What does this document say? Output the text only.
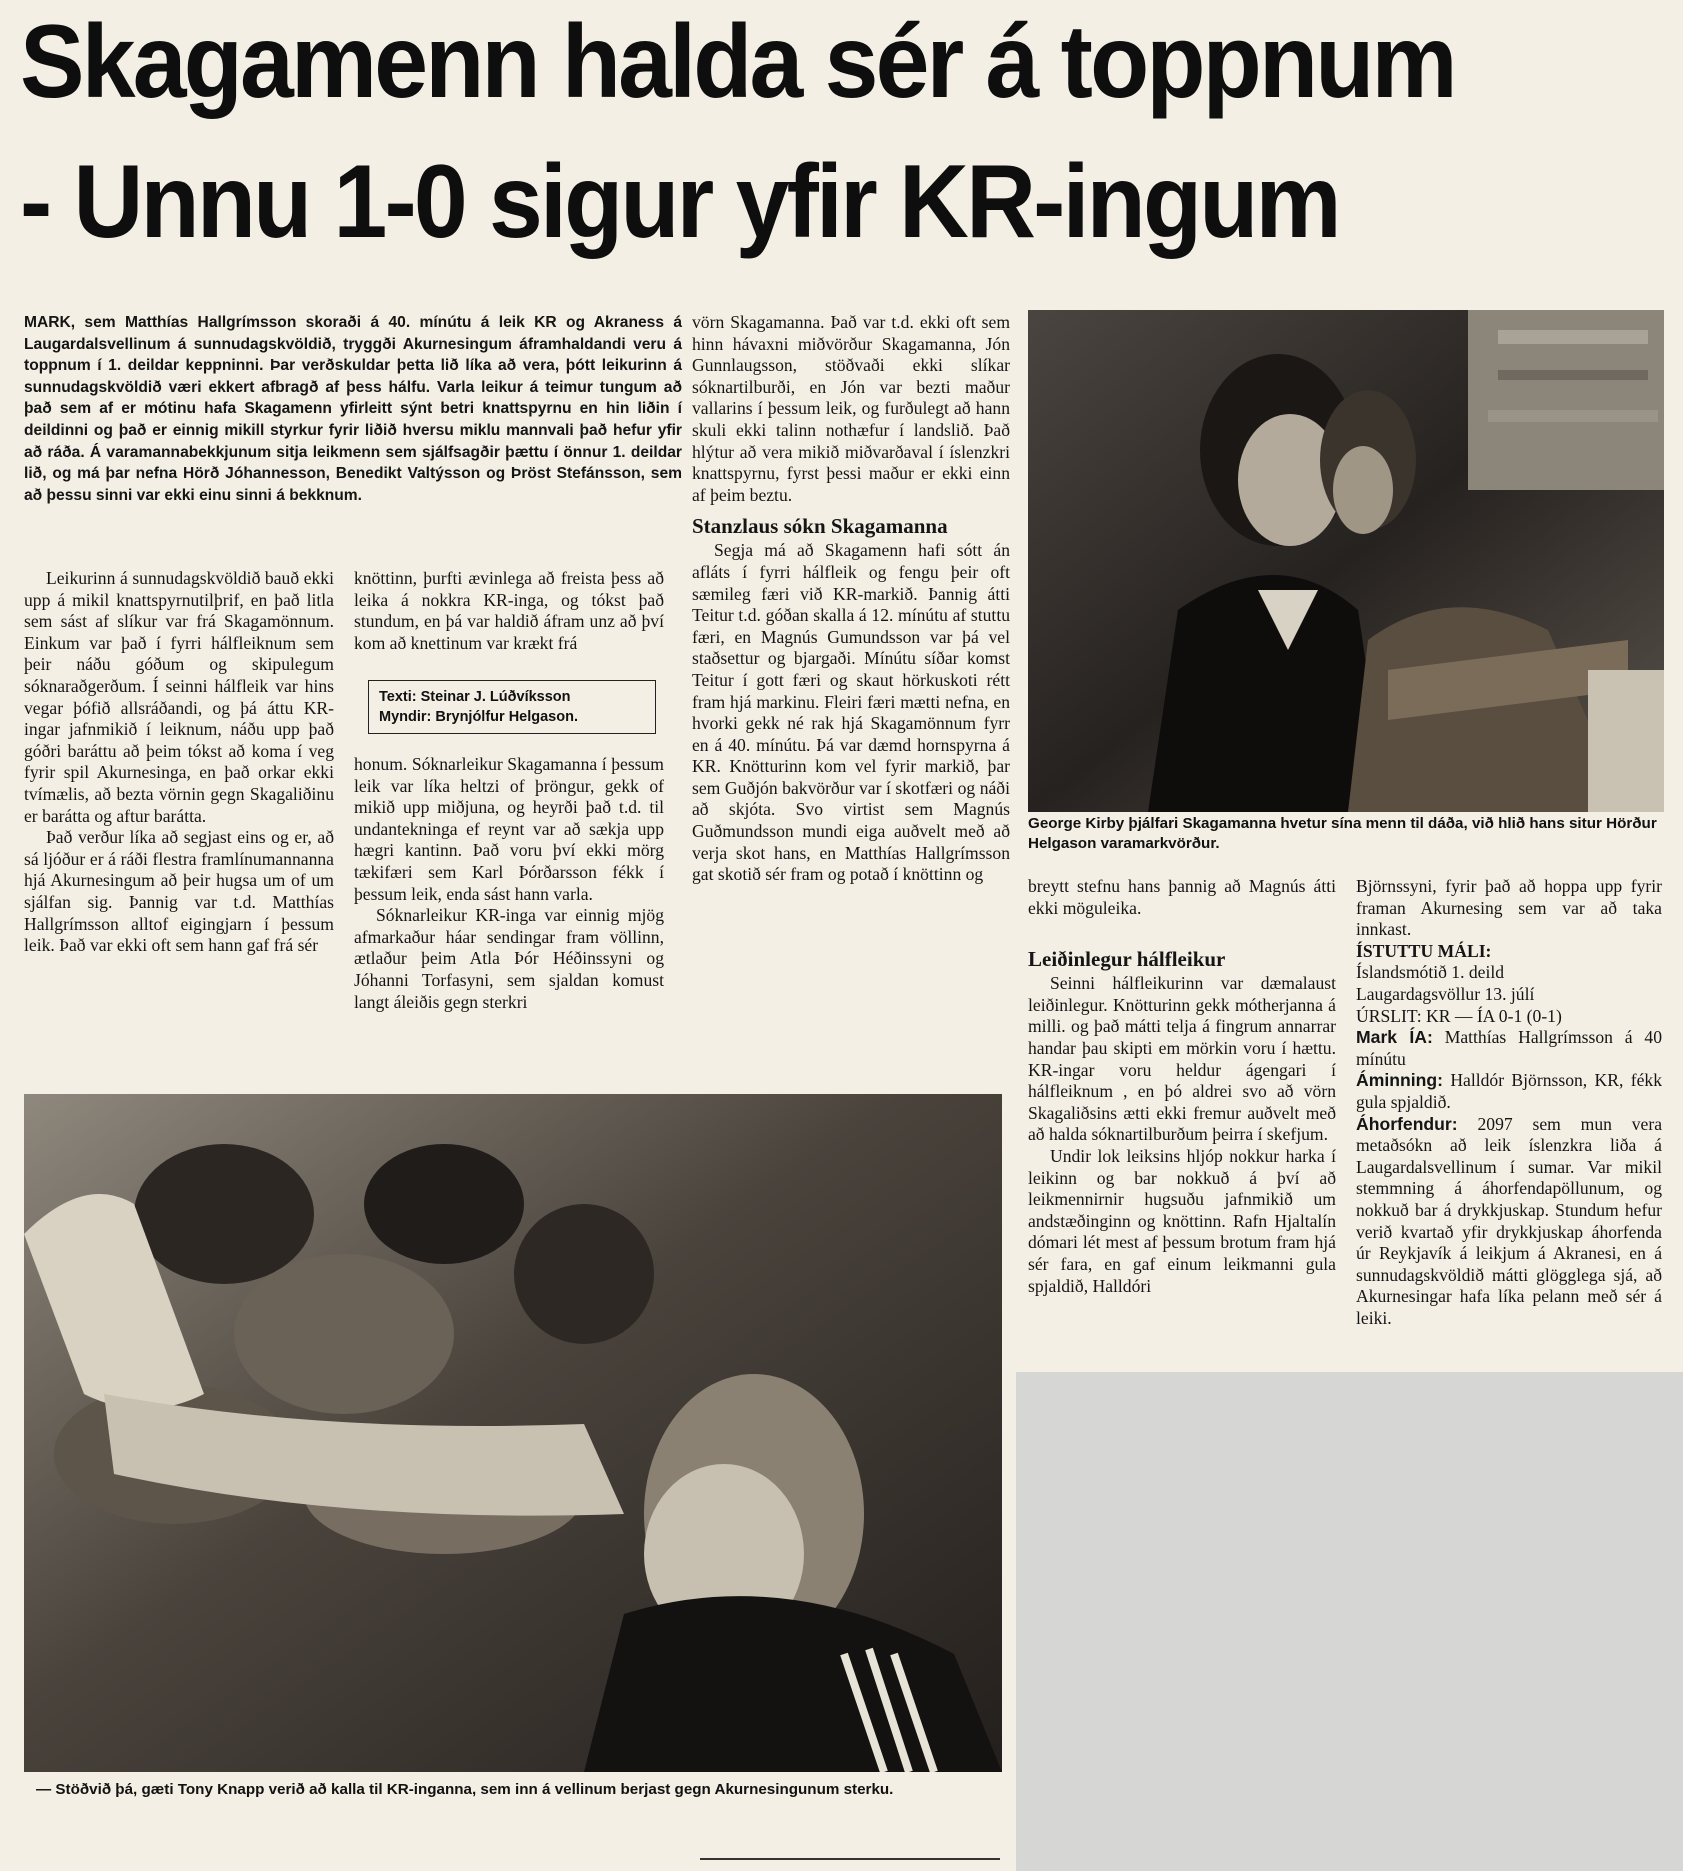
Skagamenn halda sér á toppnum
- Unnu 1-0 sigur yfir KR-ingum

MARK, sem Matthías Hallgrímsson skoraði á 40. mínútu á leik KR og Akraness á Laugardalsvellinum á sunnudagskvöldið, tryggði Akurnesingum áframhaldandi veru á toppnum í 1. deildar keppninni. Þar verðskuldar þetta lið líka að vera, þótt leikurinn á sunnudagskvöldið væri ekkert afbragð af þess hálfu. Varla leikur á teimur tungum að það sem af er mótinu hafa Skagamenn yfirleitt sýnt betri knattspyrnu en hin liðin í deildinni og það er einnig mikill styrkur fyrir liðið hversu miklu mannvali það hefur yfir að ráða. Á varamannabekkjunum sitja leikmenn sem sjálfsagðir þættu í önnur 1. deildar lið, og má þar nefna Hörð Jóhannesson, Benedikt Valtýsson og Þröst Stefánsson, sem að þessu sinni var ekki einu sinni á bekknum.

Leikurinn á sunnudagskvöldið bauð ekki upp á mikil knattspyrnutilþrif, en það litla sem sást af slíkur var frá Skagamönnum. Einkum var það í fyrri hálfleiknum sem þeir náðu góðum og skipulegum sóknaraðgerðum. Í seinni hálfleik var hins vegar þófið allsráðandi, og þá áttu KR-ingar jafnmikið í leiknum, náðu upp það góðri baráttu að þeim tókst að koma í veg fyrir spil Akurnesinga, en það orkar ekki tvímælis, að bezta vörnin gegn Skagaliðinu er barátta og aftur barátta.

Það verður líka að segjast eins og er, að sá ljóður er á ráði flestra framlínumannanna hjá Akurnesingum að þeir hugsa um of um sjálfan sig. Þannig var t.d. Matthías Hallgrímsson alltof eigingjarn í þessum leik. Það var ekki oft sem hann gaf frá sér

knöttinn, þurfti ævinlega að freista þess að leika á nokkra KR-inga, og tókst það stundum, en þá var haldið áfram unz að því kom að knettinum var krækt frá

Texti: Steinar J. Lúðvíksson
Myndir: Brynjólfur Helgason.

honum. Sóknarleikur Skagamanna í þessum leik var líka heltzi of þröngur, gekk of mikið upp miðjuna, og heyrði það t.d. til undantekninga ef reynt var að sækja upp hægri kantinn. Það voru því ekki mörg tækifæri sem Karl Þórðarsson fékk í þessum leik, enda sást hann varla.

Sóknarleikur KR-inga var einnig mjög afmarkaður háar sendingar fram völlinn, ætlaður þeim Atla Þór Héðinssyni og Jóhanni Torfasyni, sem sjaldan komust langt áleiðis gegn sterkri

vörn Skagamanna. Það var t.d. ekki oft sem hinn hávaxni miðvörður Skagamanna, Jón Gunnlaugsson, stöðvaði ekki slíkar sóknartilburði, en Jón var bezti maður vallarins í þessum leik, og furðulegt að hann skuli ekki talinn nothæfur í landslið. Það hlýtur að vera mikið miðvarðaval í íslenzkri knattspyrnu, fyrst þessi maður er ekki einn af þeim beztu.

Stanzlaus sókn Skagamanna

Segja má að Skagamenn hafi sótt án afláts í fyrri hálfleik og fengu þeir oft sæmileg færi við KR-markið. Þannig átti Teitur t.d. góðan skalla á 12. mínútu af stuttu færi, en Magnús Gumundsson var þá vel staðsettur og bjargaði. Mínútu síðar komst Teitur í gott færi og skaut hörkuskoti rétt fram hjá markinu. Fleiri færi mætti nefna, en hvorki gekk né rak hjá Skagamönnum fyrr en á 40. mínútu. Þá var dæmd hornspyrna á KR. Knötturinn kom vel fyrir markið, þar sem Guðjón bakvörður var í skotfæri og náði að skjóta. Svo virtist sem Magnús Guðmundsson mundi eiga auðvelt með að verja skot hans, en Matthías Hallgrímsson gat skotið sér fram og potað í knöttinn og

George Kirby þjálfari Skagamanna hvetur sína menn til dáða, við hlið hans situr Hörður Helgason varamarkvörður.

breytt stefnu hans þannig að Magnús átti ekki möguleika.

Leiðinlegur hálfleikur

Seinni hálfleikurinn var dæmalaust leiðinlegur. Knötturinn gekk mótherjanna á milli. og það mátti telja á fingrum annarrar handar þau skipti em mörkin voru í hættu. KR-ingar voru heldur ágengari í hálfleiknum , en þó aldrei svo að vörn Skagaliðsins ætti ekki fremur auðvelt með að halda sóknartilburðum þeirra í skefjum.

Undir lok leiksins hljóp nokkur harka í leikinn og bar nokkuð á því að leikmennirnir hugsuðu jafnmikið um andstæðinginn og knöttinn. Rafn Hjaltalín dómari lét mest af þessum brotum fram hjá sér fara, en gaf einum leikmanni gula spjaldið, Halldóri

Björnssyni, fyrir það að hoppa upp fyrir framan Akurnesing sem var að taka innkast.

ÍSTUTTU MÁLI:

Íslandsmótið 1. deild

Laugardagsvöllur 13. júlí

ÚRSLIT: KR — ÍA 0-1 (0-1)

Mark ÍA: Matthías Hallgrímsson á 40 mínútu

Áminning: Halldór Björnsson, KR, fékk gula spjaldið.

Áhorfendur: 2097 sem mun vera metaðsókn að leik íslenzkra liða á Laugardalsvellinum í sumar. Var mikil stemmning á áhorfendapöllunum, og nokkuð bar á drykkjuskap. Stundum hefur verið kvartað yfir drykkjuskap áhorfenda úr Reykjavík á leikjum á Akranesi, en á sunnudagskvöldið mátti glögglega sjá, að Akurnesingar hafa líka pelann með sér á leiki.

— Stöðvið þá, gæti Tony Knapp verið að kalla til KR-inganna, sem inn á vellinum berjast gegn Akurnesingunum sterku.
